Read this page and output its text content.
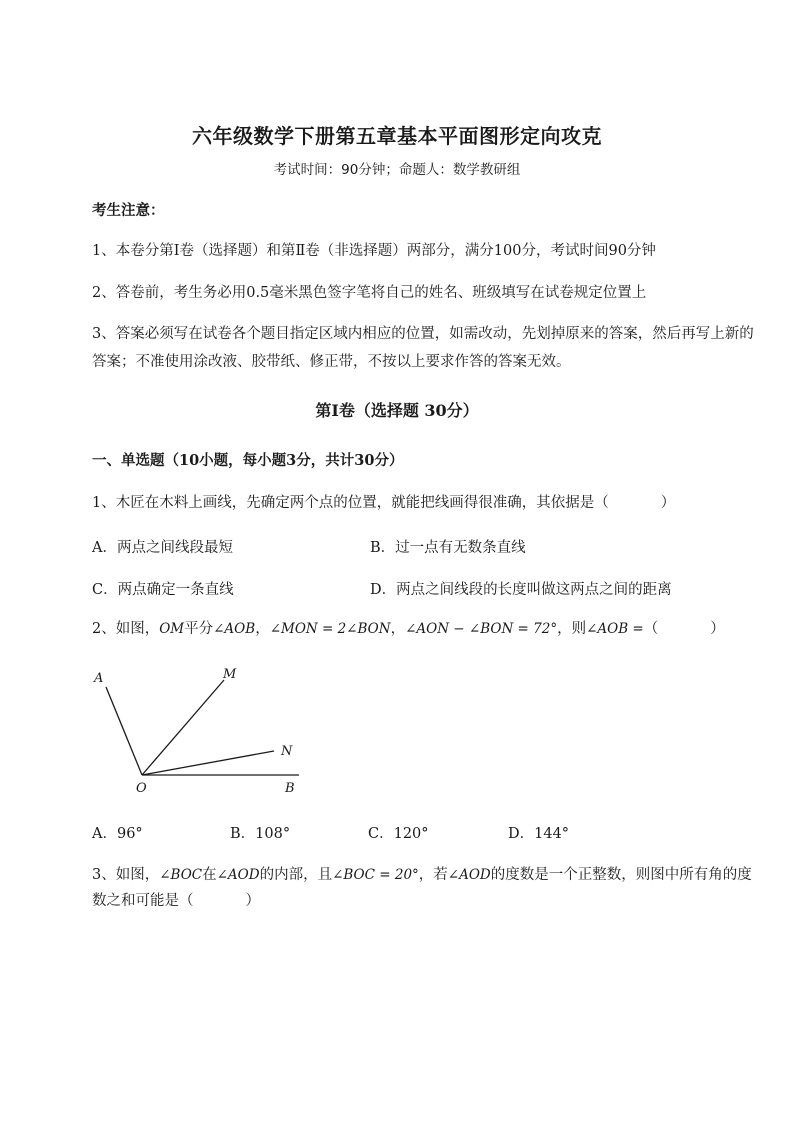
六年级数学下册第五章基本平面图形定向攻克
考试时间：90分钟；命题人：数学教研组
考生注意：
1、本卷分第I卷（选择题）和第Ⅱ卷（非选择题）两部分，满分100分，考试时间90分钟
2、答卷前，考生务必用0.5毫米黑色签字笔将自己的姓名、班级填写在试卷规定位置上
3、答案必须写在试卷各个题目指定区域内相应的位置，如需改动，先划掉原来的答案，然后再写上新的答案；不准使用涂改液、胶带纸、修正带，不按以上要求作答的答案无效。
第I卷（选择题 30分）
一、单选题（10小题，每小题3分，共计30分）
1、木匠在木料上画线，先确定两个点的位置，就能把线画得很准确，其依据是（	）
A．两点之间线段最短	B．过一点有无数条直线
C．两点确定一条直线	D．两点之间线段的长度叫做这两点之间的距离
2、如图，OM平分∠AOB，∠MON = 2∠BON，∠AON − ∠BON = 72°，则∠AOB =（	）
A	M
N
O	B
A．96°	B．108°	C．120°	D．144°
3、如图，∠BOC在∠AOD的内部，且∠BOC = 20°，若∠AOD的度数是一个正整数，则图中所有角的度
数之和可能是（	）
